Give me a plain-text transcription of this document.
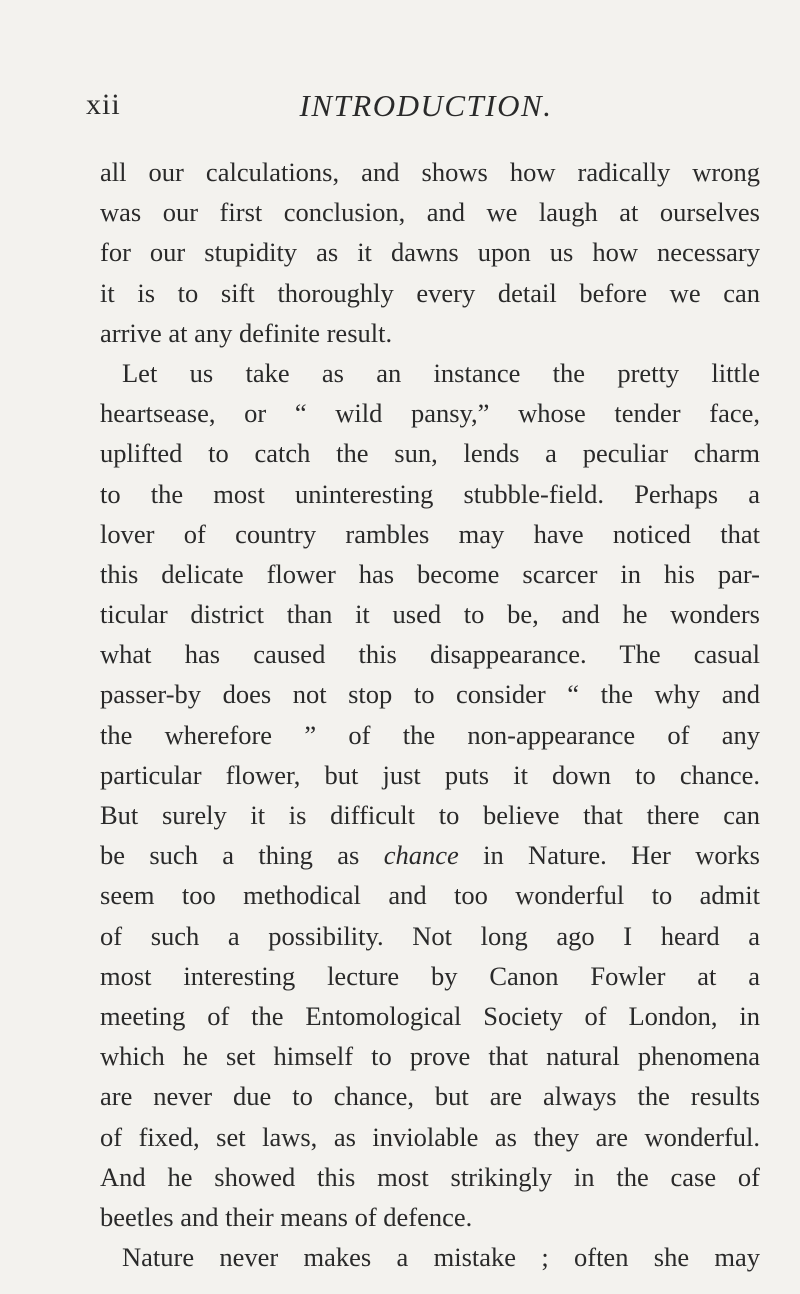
xii	INTRODUCTION.
all our calculations, and shows how radically wrong
was our first conclusion, and we laugh at ourselves
for our stupidity as it dawns upon us how necessary
it is to sift thoroughly every detail before we can
arrive at any definite result.
Let us take as an instance the pretty little
heartsease, or “ wild pansy,” whose tender face,
uplifted to catch the sun, lends a peculiar charm
to the most uninteresting stubble-field. Perhaps a
lover of country rambles may have noticed that
this delicate flower has become scarcer in his par-
ticular district than it used to be, and he wonders
what has caused this disappearance. The casual
passer-by does not stop to consider “ the why and
the wherefore ” of the non-appearance of any
particular flower, but just puts it down to chance.
But surely it is difficult to believe that there can
be such a thing as chance in Nature. Her works
seem too methodical and too wonderful to admit
of such a possibility. Not long ago I heard a
most interesting lecture by Canon Fowler at a
meeting of the Entomological Society of London, in
which he set himself to prove that natural phenomena
are never due to chance, but are always the results
of fixed, set laws, as inviolable as they are wonderful.
And he showed this most strikingly in the case of
beetles and their means of defence.
Nature never makes a mistake ; often she may
